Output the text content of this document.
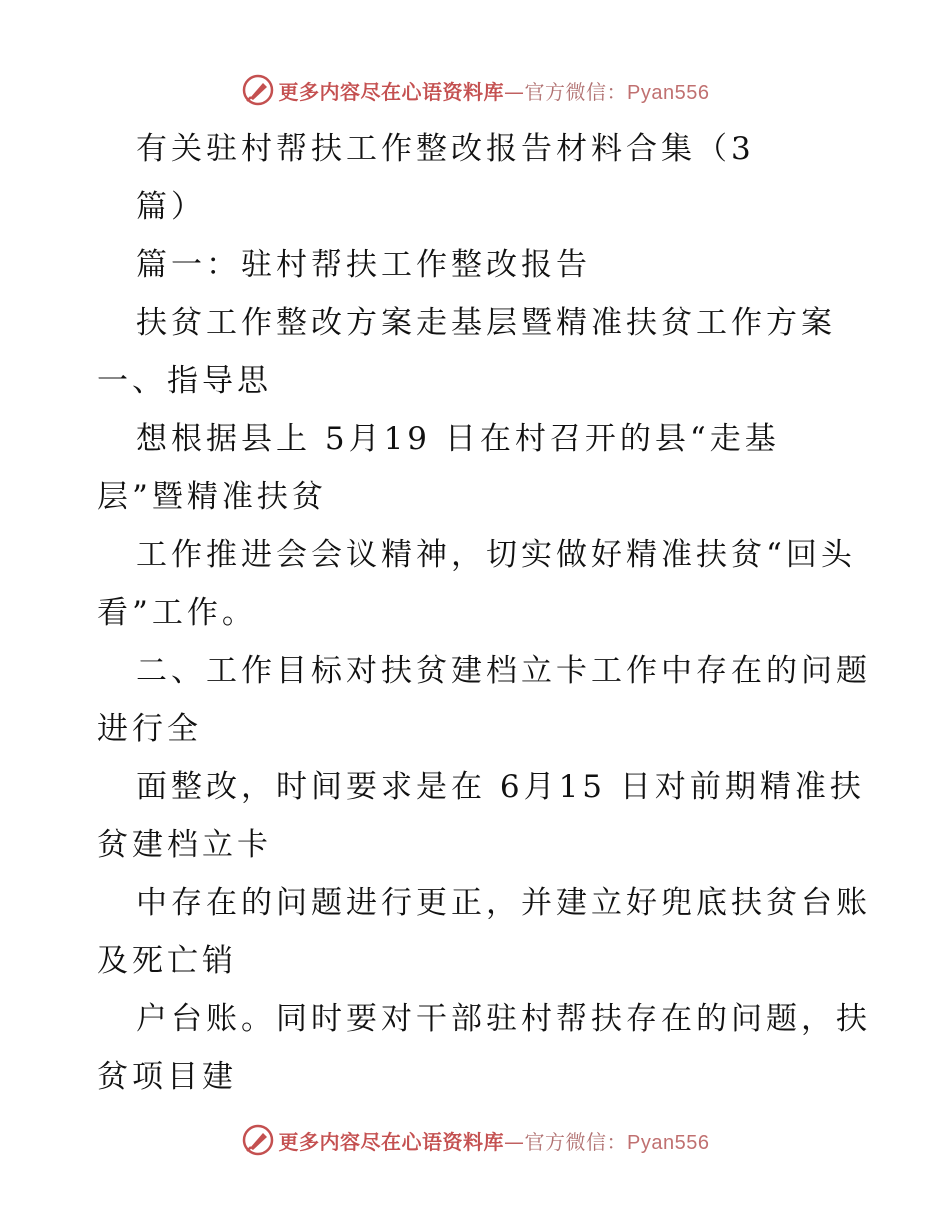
更多内容尽在心语资料库—官方微信：Pyan556
有关驻村帮扶工作整改报告材料合集（3
篇）
篇一：驻村帮扶工作整改报告
扶贫工作整改方案走基层暨精准扶贫工作方案
一、指导思
想根据县上 5月19 日在村召开的县“走基
层”暨精准扶贫
工作推进会会议精神，切实做好精准扶贫“回头
看”工作。
二、工作目标对扶贫建档立卡工作中存在的问题
进行全
面整改，时间要求是在 6月15 日对前期精准扶
贫建档立卡
中存在的问题进行更正，并建立好兜底扶贫台账
及死亡销
户台账。同时要对干部驻村帮扶存在的问题，扶
贫项目建
更多内容尽在心语资料库—官方微信：Pyan556
